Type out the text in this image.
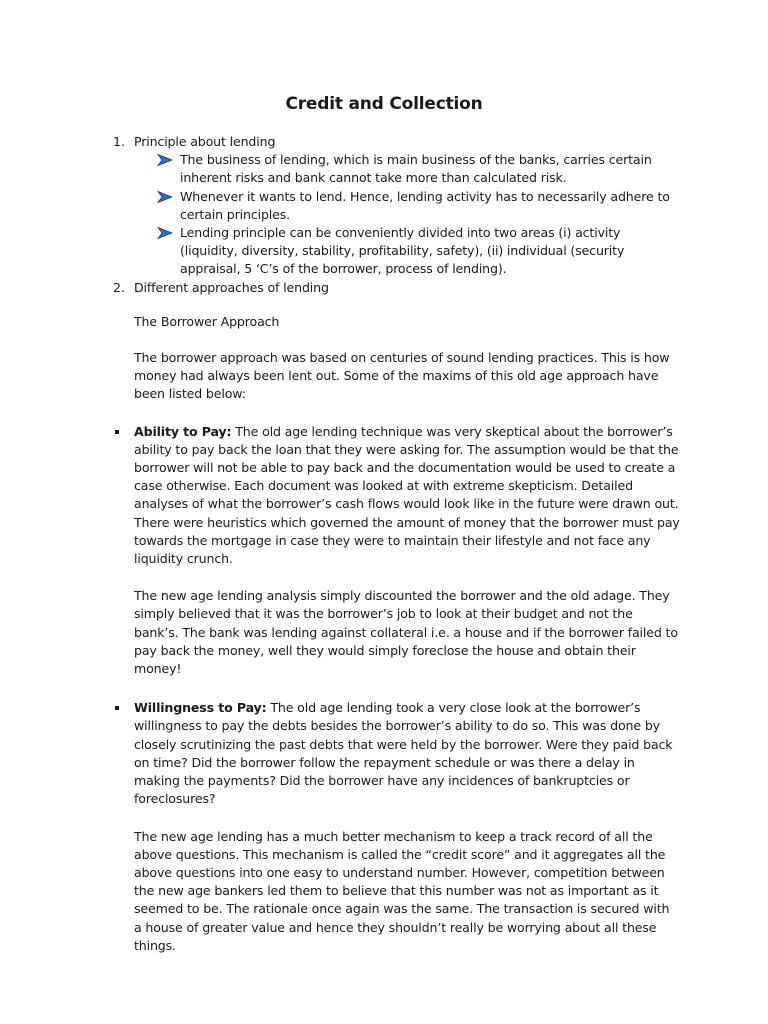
Credit and Collection
1. Principle about lending
The business of lending, which is main business of the banks, carries certain inherent risks and bank cannot take more than calculated risk.
Whenever it wants to lend. Hence, lending activity has to necessarily adhere to certain principles.
Lending principle can be conveniently divided into two areas (i) activity (liquidity, diversity, stability, profitability, safety), (ii) individual (security appraisal, 5 ‘C’s of the borrower, process of lending).
2. Different approaches of lending
The Borrower Approach
The borrower approach was based on centuries of sound lending practices. This is how money had always been lent out. Some of the maxims of this old age approach have been listed below:
Ability to Pay: The old age lending technique was very skeptical about the borrower’s ability to pay back the loan that they were asking for. The assumption would be that the borrower will not be able to pay back and the documentation would be used to create a case otherwise. Each document was looked at with extreme skepticism. Detailed analyses of what the borrower’s cash flows would look like in the future were drawn out. There were heuristics which governed the amount of money that the borrower must pay towards the mortgage in case they were to maintain their lifestyle and not face any liquidity crunch.
The new age lending analysis simply discounted the borrower and the old adage. They simply believed that it was the borrower’s job to look at their budget and not the bank’s. The bank was lending against collateral i.e. a house and if the borrower failed to pay back the money, well they would simply foreclose the house and obtain their money!
Willingness to Pay: The old age lending took a very close look at the borrower’s willingness to pay the debts besides the borrower’s ability to do so. This was done by closely scrutinizing the past debts that were held by the borrower. Were they paid back on time? Did the borrower follow the repayment schedule or was there a delay in making the payments? Did the borrower have any incidences of bankruptcies or foreclosures?
The new age lending has a much better mechanism to keep a track record of all the above questions. This mechanism is called the “credit score” and it aggregates all the above questions into one easy to understand number. However, competition between the new age bankers led them to believe that this number was not as important as it seemed to be. The rationale once again was the same. The transaction is secured with a house of greater value and hence they shouldn’t really be worrying about all these things.
